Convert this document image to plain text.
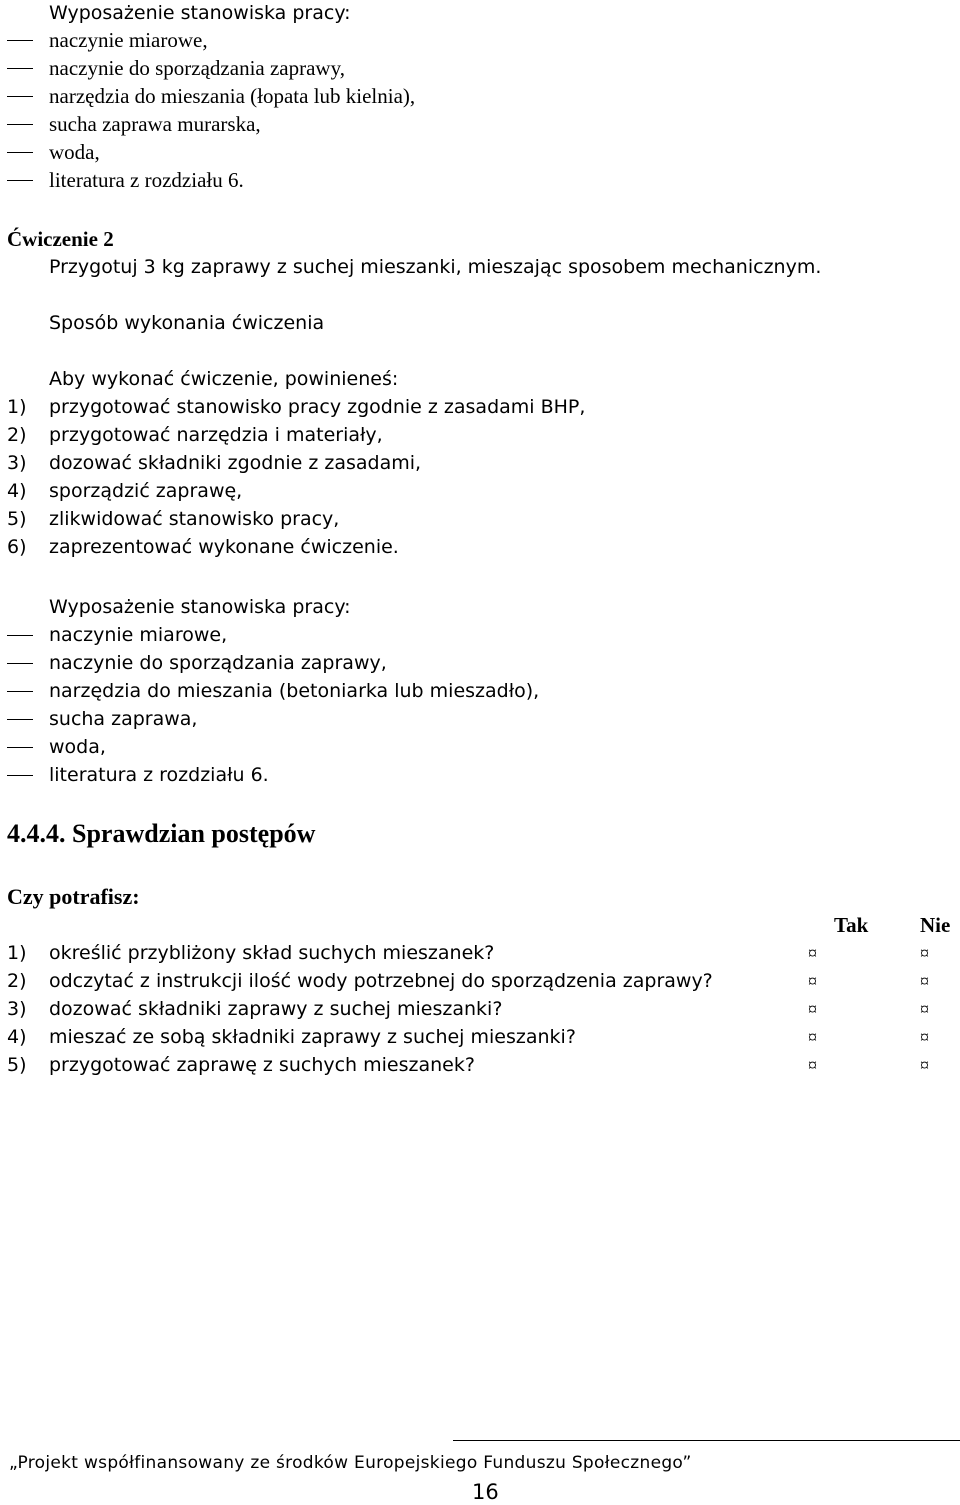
Wyposażenie stanowiska pracy:
naczynie miarowe,
naczynie do sporządzania zaprawy,
narzędzia do mieszania (łopata lub kielnia),
sucha zaprawa murarska,
woda,
literatura z rozdziału 6.
Ćwiczenie 2
Przygotuj 3 kg zaprawy z suchej mieszanki, mieszając sposobem mechanicznym.
Sposób wykonania ćwiczenia
Aby wykonać ćwiczenie, powinieneś:
1) przygotować stanowisko pracy zgodnie z zasadami BHP,
2) przygotować narzędzia i materiały,
3) dozować składniki zgodnie z zasadami,
4) sporządzić zaprawę,
5) zlikwidować stanowisko pracy,
6) zaprezentować wykonane ćwiczenie.
Wyposażenie stanowiska pracy:
naczynie miarowe,
naczynie do sporządzania zaprawy,
narzędzia do mieszania (betoniarka lub mieszadło),
sucha zaprawa,
woda,
literatura z rozdziału 6.
4.4.4. Sprawdzian postępów
Czy potrafisz:
Tak Nie
1) określić przybliżony skład suchych mieszanek?	¤	¤
2) odczytać z instrukcji ilość wody potrzebnej do sporządzenia zaprawy?	¤	¤
3) dozować składniki zaprawy z suchej mieszanki?	¤	¤
4) mieszać ze sobą składniki zaprawy z suchej mieszanki?	¤	¤
5) przygotować zaprawę z suchych mieszanek?	¤	¤
„Projekt współfinansowany ze środków Europejskiego Funduszu Społecznego”
16
